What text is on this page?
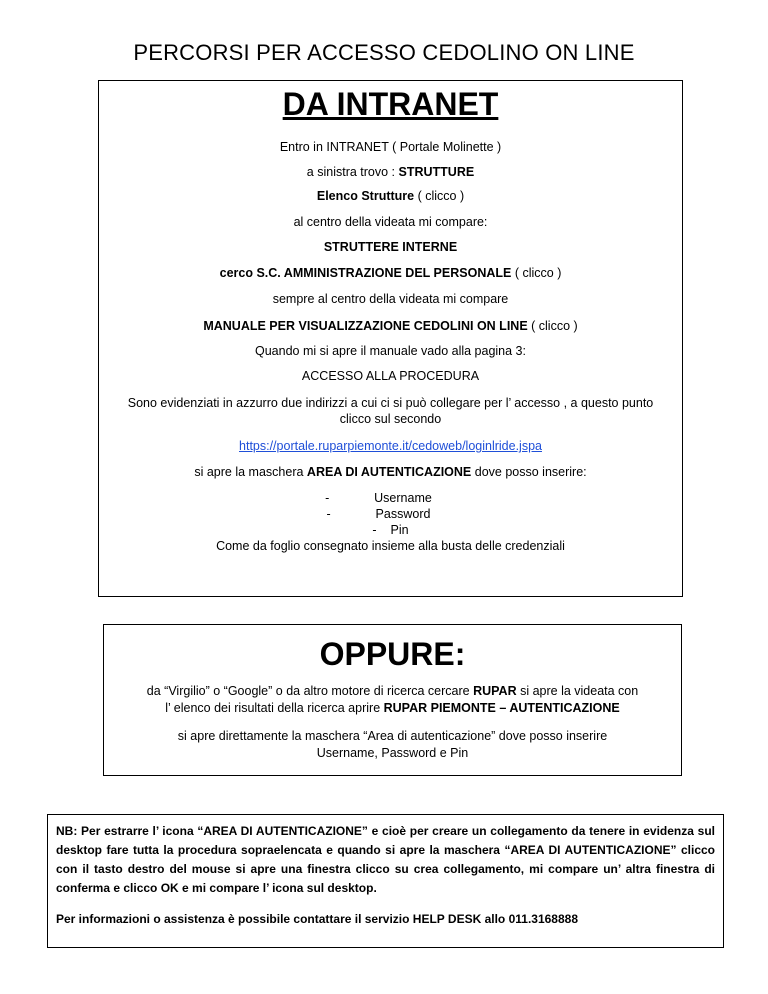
PERCORSI PER ACCESSO CEDOLINO ON LINE
DA INTRANET
Entro in INTRANET ( Portale Molinette )
a sinistra trovo : STRUTTURE
Elenco Strutture ( clicco )
al centro della videata mi compare:
STRUTTERE INTERNE
cerco S.C. AMMINISTRAZIONE DEL PERSONALE ( clicco )
sempre al centro della videata mi compare
MANUALE PER VISUALIZZAZIONE CEDOLINI ON LINE ( clicco )
Quando mi si apre il manuale vado alla pagina 3:
ACCESSO ALLA PROCEDURA
Sono evidenziati in azzurro due indirizzi a cui ci si può collegare per l’ accesso , a questo punto
clicco sul secondo
https://portale.ruparpiemonte.it/cedoweb/loginlride.jspa
si apre la maschera AREA DI AUTENTICAZIONE dove posso inserire:
-      Username
-      Password
-    Pin
Come da foglio consegnato insieme alla busta delle credenziali
OPPURE:
da “Virgilio” o “Google” o da altro motore di ricerca cercare RUPAR si apre la videata con
l’ elenco dei risultati della ricerca aprire RUPAR PIEMONTE – AUTENTICAZIONE
si apre direttamente la maschera “Area di autenticazione” dove posso inserire
Username, Password e Pin
NB: Per estrarre l’ icona “AREA DI AUTENTICAZIONE” e cioè per creare un collegamento da tenere in evidenza sul desktop fare tutta la procedura sopraelencata e quando si apre la maschera “AREA DI AUTENTICAZIONE” clicco con il tasto destro del mouse si apre una finestra clicco su crea collegamento, mi compare un’ altra finestra di conferma e clicco OK e mi compare l’ icona sul desktop.
Per informazioni o assistenza è possibile contattare il servizio HELP DESK allo 011.3168888
